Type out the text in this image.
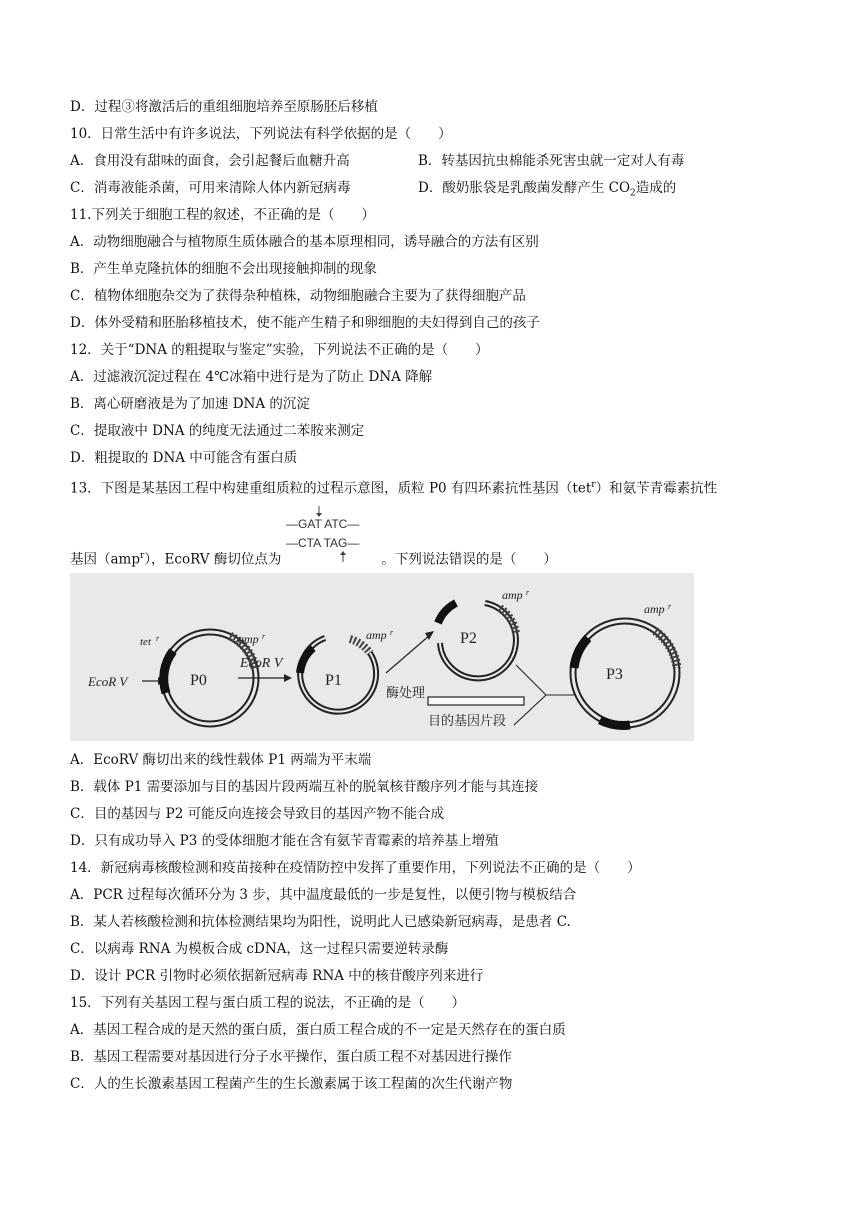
D．过程③将激活后的重组细胞培养至原肠胚后移植
10．日常生活中有许多说法，下列说法有科学依据的是（　　）
A．食用没有甜味的面食，会引起餐后血糖升高	B．转基因抗虫棉能杀死害虫就一定对人有毒
C．消毒液能杀菌，可用来清除人体内新冠病毒	D．酸奶胀袋是乳酸菌发酵产生 $CO_2$造成的
11.下列关于细胞工程的叙述，不正确的是（　　）
A．动物细胞融合与植物原生质体融合的基本原理相同，诱导融合的方法有区别
B．产生单克隆抗体的细胞不会出现接触抑制的现象
C．植物体细胞杂交为了获得杂种植株，动物细胞融合主要为了获得细胞产品
D．体外受精和胚胎移植技术，使不能产生精子和卵细胞的夫妇得到自己的孩子
12．关于“DNA 的粗提取与鉴定”实验，下列说法不正确的是（　　）
A．过滤液沉淀过程在 4℃冰箱中进行是为了防止 DNA 降解
B．离心研磨液是为了加速 DNA 的沉淀
C．提取液中 DNA 的纯度无法通过二苯胺来测定
D．粗提取的 DNA 中可能含有蛋白质
13．下图是某基因工程中构建重组质粒的过程示意图，质粒 P0 有四环素抗性基因（tet$^r$）和氨苄青霉素抗性
—GAT ATC—
—CTA TAG—
基因（amp$^r$），EcoRV 酶切位点为	。下列说法错误的是（　　）
EcoR V	P0
tet r	amp r
EcoR V
P1
amp r
酶处理
P2
amp r
目的基因片段
P3
amp r
A．EcoRV 酶切出来的线性载体 P1 两端为平末端
B．载体 P1 需要添加与目的基因片段两端互补的脱氧核苷酸序列才能与其连接
C．目的基因与 P2 可能反向连接会导致目的基因产物不能合成
D．只有成功导入 P3 的受体细胞才能在含有氨苄青霉素的培养基上增殖
14．新冠病毒核酸检测和疫苗接种在疫情防控中发挥了重要作用，下列说法不正确的是（　　）
A．PCR 过程每次循环分为 3 步，其中温度最低的一步是复性，以便引物与模板结合
B．某人若核酸检测和抗体检测结果均为阳性，说明此人已感染新冠病毒，是患者 C.
C．以病毒 RNA 为模板合成 cDNA，这一过程只需要逆转录酶
D．设计 PCR 引物时必须依据新冠病毒 RNA 中的核苷酸序列来进行
15．下列有关基因工程与蛋白质工程的说法，不正确的是（　　）
A．基因工程合成的是天然的蛋白质，蛋白质工程合成的不一定是天然存在的蛋白质
B．基因工程需要对基因进行分子水平操作，蛋白质工程不对基因进行操作
C．人的生长激素基因工程菌产生的生长激素属于该工程菌的次生代谢产物
